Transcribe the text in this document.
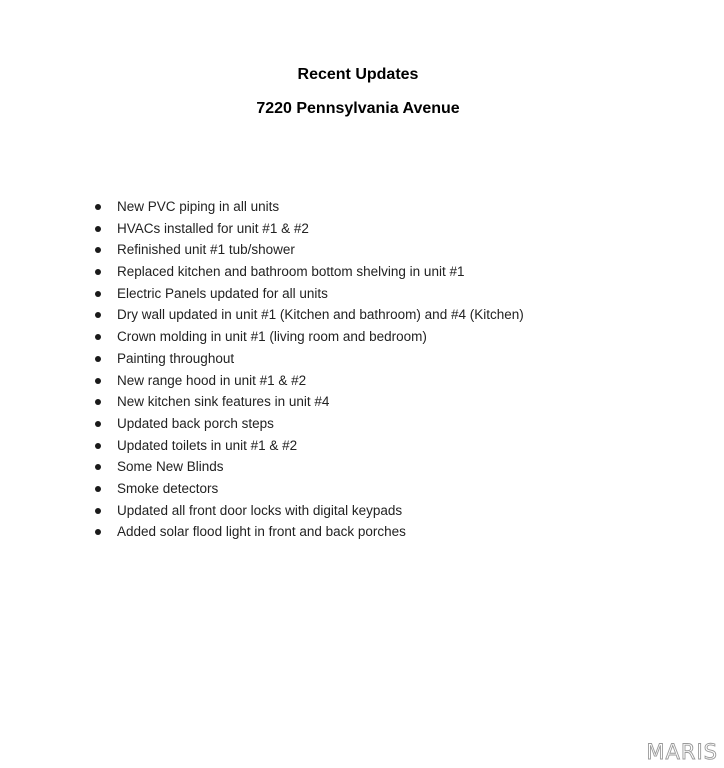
Recent Updates
7220 Pennsylvania Avenue
New PVC piping in all units
HVACs installed for unit #1 & #2
Refinished unit #1 tub/shower
Replaced kitchen and bathroom bottom shelving in unit #1
Electric Panels updated for all units
Dry wall updated in unit #1 (Kitchen and bathroom) and #4 (Kitchen)
Crown molding in unit #1 (living room and bedroom)
Painting throughout
New range hood in unit #1 & #2
New kitchen sink features in unit #4
Updated back porch steps
Updated toilets in unit #1 & #2
Some New Blinds
Smoke detectors
Updated all front door locks with digital keypads
Added solar flood light in front and back porches
MARIS
